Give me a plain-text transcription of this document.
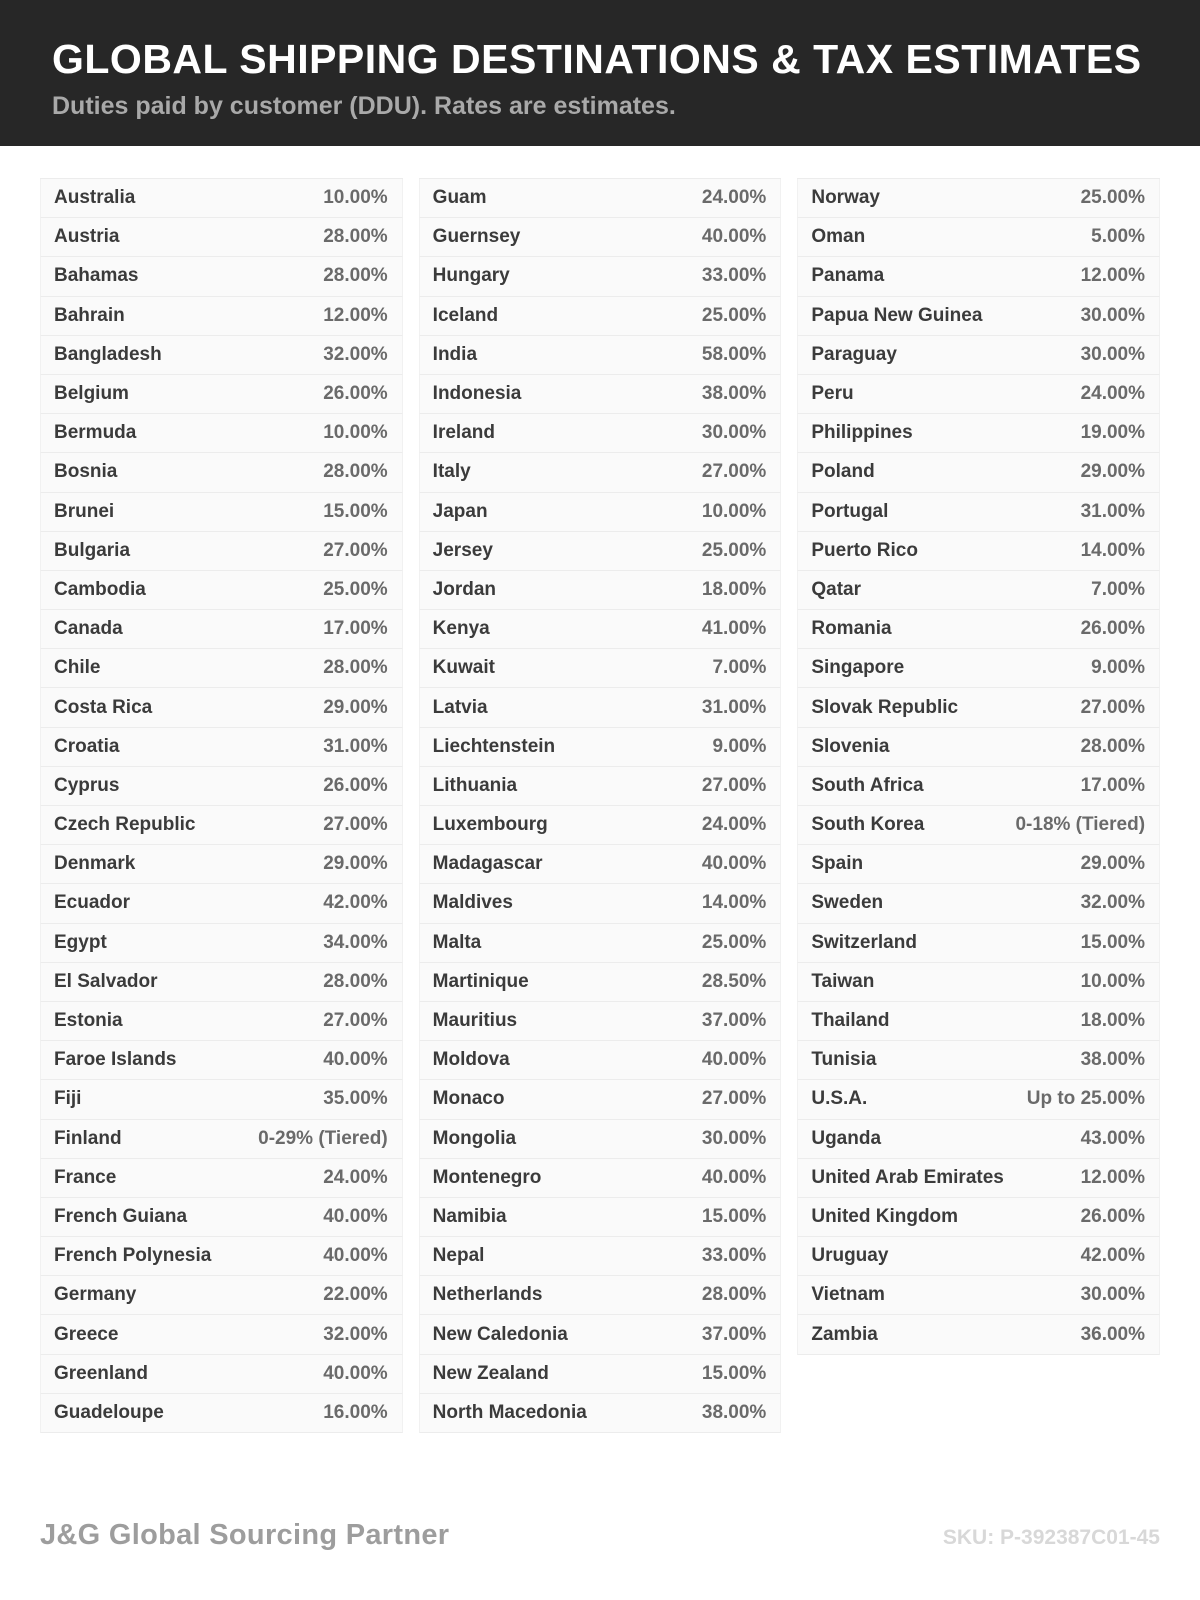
GLOBAL SHIPPING DESTINATIONS & TAX ESTIMATES
Duties paid by customer (DDU). Rates are estimates.
Australia	10.00%
Austria	28.00%
Bahamas	28.00%
Bahrain	12.00%
Bangladesh	32.00%
Belgium	26.00%
Bermuda	10.00%
Bosnia	28.00%
Brunei	15.00%
Bulgaria	27.00%
Cambodia	25.00%
Canada	17.00%
Chile	28.00%
Costa Rica	29.00%
Croatia	31.00%
Cyprus	26.00%
Czech Republic	27.00%
Denmark	29.00%
Ecuador	42.00%
Egypt	34.00%
El Salvador	28.00%
Estonia	27.00%
Faroe Islands	40.00%
Fiji	35.00%
Finland	0-29% (Tiered)
France	24.00%
French Guiana	40.00%
French Polynesia	40.00%
Germany	22.00%
Greece	32.00%
Greenland	40.00%
Guadeloupe	16.00%
Guam	24.00%
Guernsey	40.00%
Hungary	33.00%
Iceland	25.00%
India	58.00%
Indonesia	38.00%
Ireland	30.00%
Italy	27.00%
Japan	10.00%
Jersey	25.00%
Jordan	18.00%
Kenya	41.00%
Kuwait	7.00%
Latvia	31.00%
Liechtenstein	9.00%
Lithuania	27.00%
Luxembourg	24.00%
Madagascar	40.00%
Maldives	14.00%
Malta	25.00%
Martinique	28.50%
Mauritius	37.00%
Moldova	40.00%
Monaco	27.00%
Mongolia	30.00%
Montenegro	40.00%
Namibia	15.00%
Nepal	33.00%
Netherlands	28.00%
New Caledonia	37.00%
New Zealand	15.00%
North Macedonia	38.00%
Norway	25.00%
Oman	5.00%
Panama	12.00%
Papua New Guinea	30.00%
Paraguay	30.00%
Peru	24.00%
Philippines	19.00%
Poland	29.00%
Portugal	31.00%
Puerto Rico	14.00%
Qatar	7.00%
Romania	26.00%
Singapore	9.00%
Slovak Republic	27.00%
Slovenia	28.00%
South Africa	17.00%
South Korea	0-18% (Tiered)
Spain	29.00%
Sweden	32.00%
Switzerland	15.00%
Taiwan	10.00%
Thailand	18.00%
Tunisia	38.00%
U.S.A.	Up to 25.00%
Uganda	43.00%
United Arab Emirates	12.00%
United Kingdom	26.00%
Uruguay	42.00%
Vietnam	30.00%
Zambia	36.00%
J&G Global Sourcing Partner	SKU: P-392387C01-45
